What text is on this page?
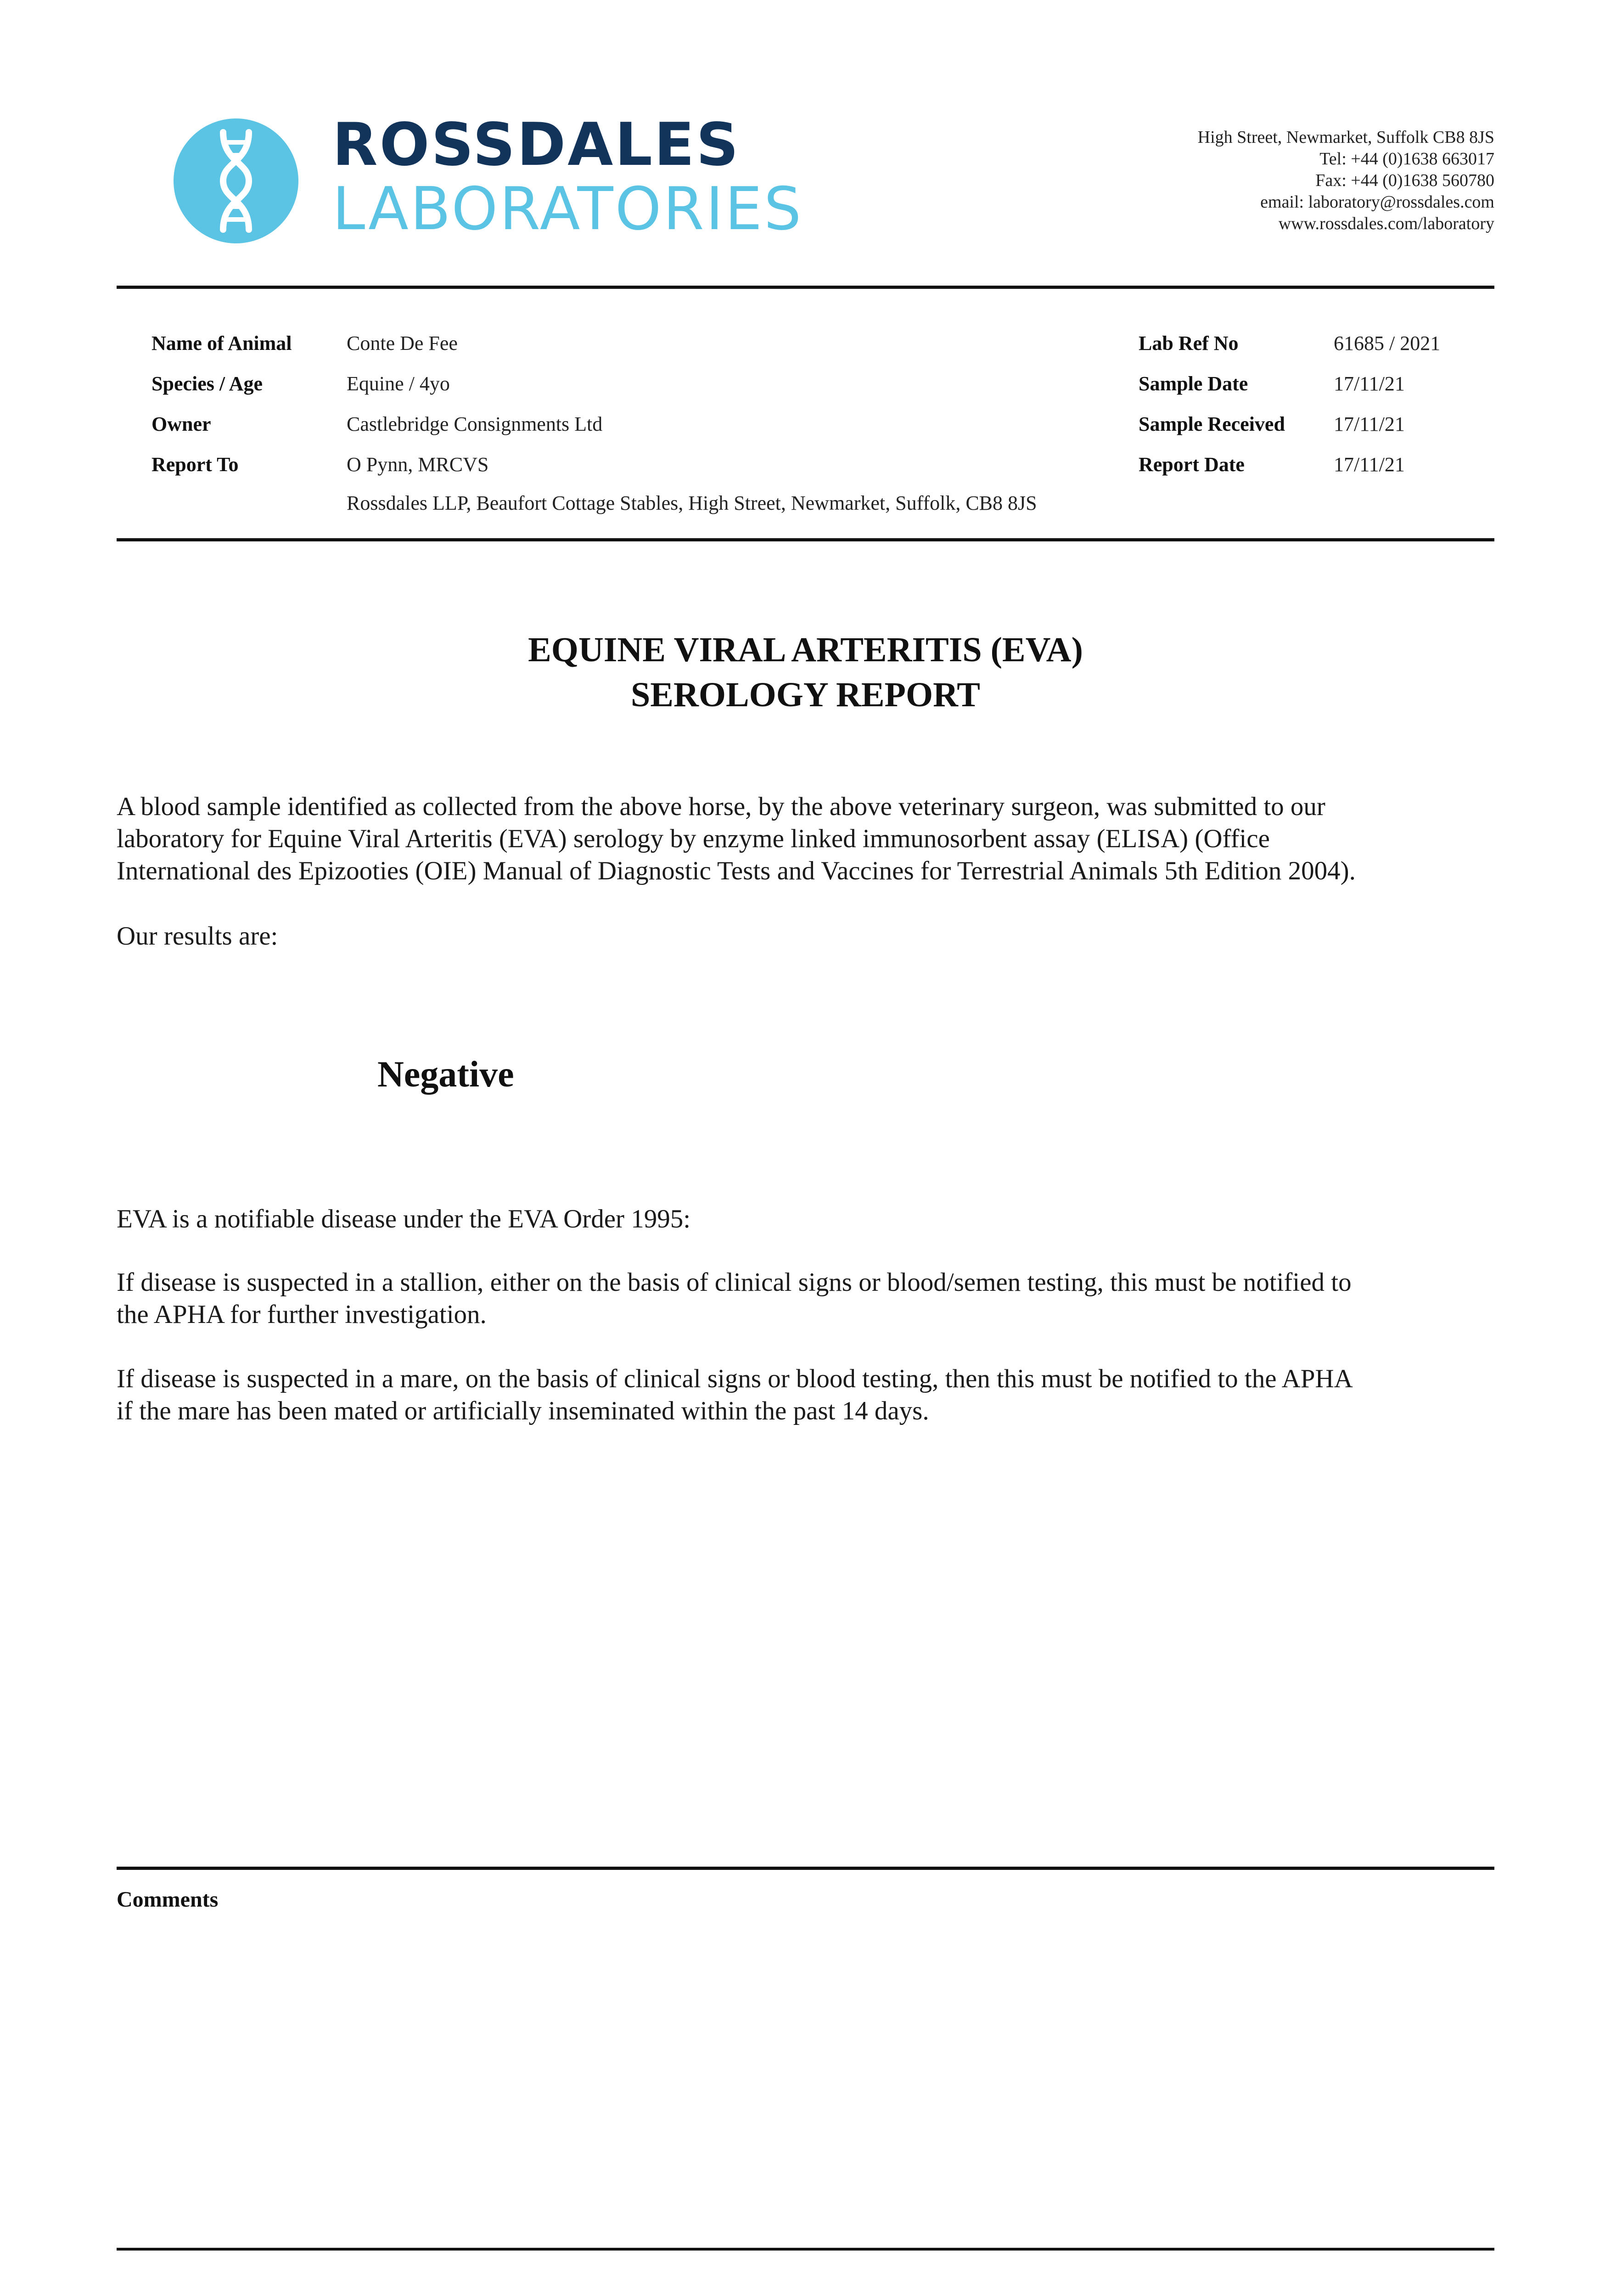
ROSSDALES
LABORATORIES
High Street, Newmarket, Suffolk CB8 8JS
Tel: +44 (0)1638 663017
Fax: +44 (0)1638 560780
email: laboratory@rossdales.com
www.rossdales.com/laboratory
Name of Animal	Conte De Fee
Species / Age	Equine / 4yo
Owner	Castlebridge Consignments Ltd
Report To	O Pynn, MRCVS
Rossdales LLP, Beaufort Cottage Stables, High Street, Newmarket, Suffolk, CB8 8JS
Lab Ref No	61685 / 2021
Sample Date	17/11/21
Sample Received 17/11/21
Report Date	17/11/21
EQUINE VIRAL ARTERITIS (EVA)
SEROLOGY REPORT
A blood sample identified as collected from the above horse, by the above veterinary surgeon, was submitted to our
laboratory for Equine Viral Arteritis (EVA) serology by enzyme linked immunosorbent assay (ELISA) (Office
International des Epizooties (OIE) Manual of Diagnostic Tests and Vaccines for Terrestrial Animals 5th Edition 2004).
Our results are:
Negative
EVA is a notifiable disease under the EVA Order 1995:
If disease is suspected in a stallion, either on the basis of clinical signs or blood/semen testing, this must be notified to
the APHA for further investigation.
If disease is suspected in a mare, on the basis of clinical signs or blood testing, then this must be notified to the APHA
if the mare has been mated or artificially inseminated within the past 14 days.
Comments
